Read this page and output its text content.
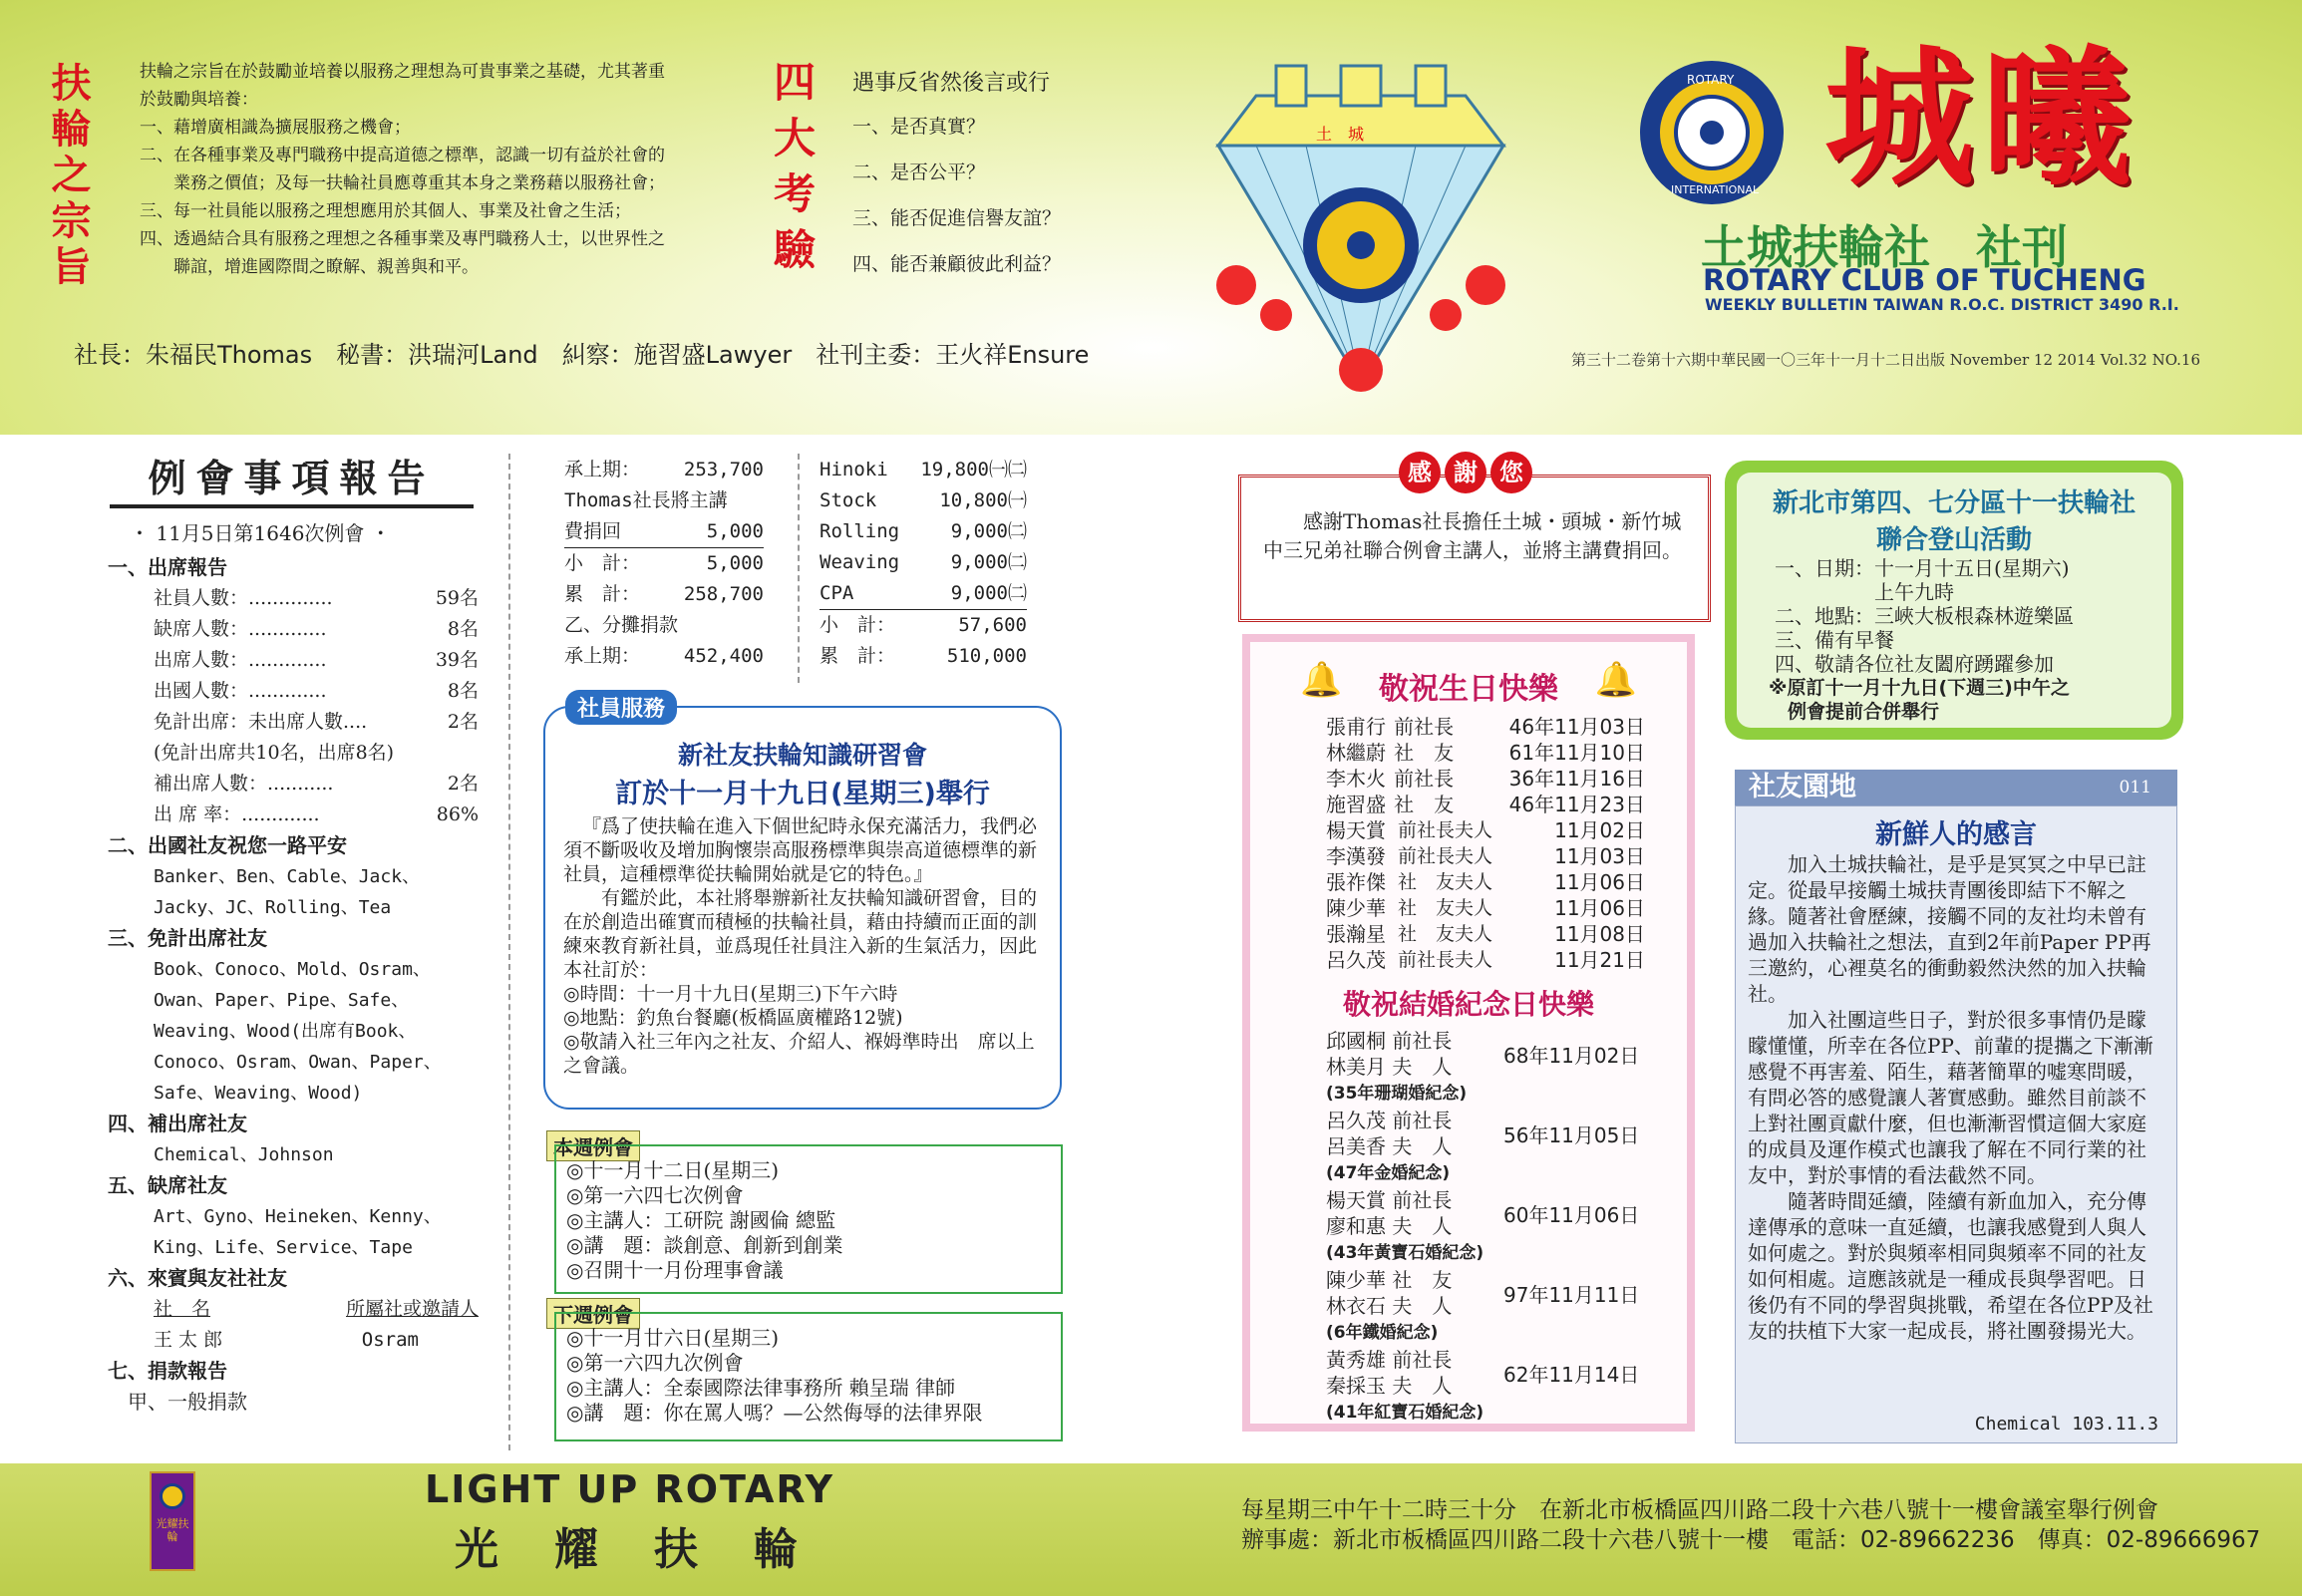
扶輪之宗旨	扶輪之宗旨在於鼓勵並培養以服務之理想為可貴事業之基礎，尤其著重
於鼓勵與培養：
一、藉增廣相識為擴展服務之機會；
二、在各種事業及專門職務中提高道德之標準，認識一切有益於社會的
　　業務之價值；及每一扶輪社員應尊重其本身之業務藉以服務社會；
三、每一社員能以服務之理想應用於其個人、事業及社會之生活；
四、透過結合具有服務之理想之各種事業及專門職務人士，以世界性之
　　聯誼，增進國際間之瞭解、親善與和平。	四大考驗 遇事反省然後言或行
一、是否真實？
二、是否公平？
三、能否促進信譽友誼？
四、能否兼顧彼此利益？
社長：朱福民Thomas　秘書：洪瑞河Land　糾察：施習盛Lawyer　社刊主委：王火祥Ensure
土　城
ROTARY
INTERNATIONAL 城曦
土城扶輪社　社刊
ROTARY CLUB OF TUCHENG
WEEKLY BULLETIN TAIWAN R.O.C. DISTRICT 3490 R.I.
第三十二卷第十六期中華民國一〇三年十一月十二日出版 November 12 2014 Vol.32 NO.16
例會事項報告
・ 11月5日第1646次例會 ・
一、出席報告
社員人數：..............	59名
缺席人數：.............	8名
出席人數：.............	39名
出國人數：.............	8名
免計出席：未出席人數....	2名
(免計出席共10名，出席8名)
補出席人數：...........	2名
出 席 率：.............	86%
二、出國社友祝您一路平安
Banker、Ben、Cable、Jack、
Jacky、JC、Rolling、Tea
三、免計出席社友
Book、Conoco、Mold、Osram、
Owan、Paper、Pipe、Safe、
Weaving、Wood(出席有Book、
Conoco、Osram、Owan、Paper、
Safe、Weaving、Wood)
四、補出席社友
Chemical、Johnson
五、缺席社友
Art、Gyno、Heineken、Kenny、
King、Life、Service、Tape
六、來賓與友社社友
社　名	所屬社或邀請人
王 太 郎	Osram
七、捐款報告
甲、一般捐款
承上期： 253,700
Thomas社長將主講
費捐回	5,000
小　計：	5,000
累　計： 258,700
乙、分攤捐款
承上期： 452,400
Hinoki 19,800㈠㈡
Stock	10,800㈠
Rolling	9,000㈡
Weaving	9,000㈡
CPA	9,000㈡
小　計：	57,600
累　計：	510,000
社員服務
新社友扶輪知識研習會
訂於十一月十九日(星期三)舉行
『爲了使扶輪在進入下個世紀時永保充滿活力，我們必須不斷吸收及增加胸懷崇高服務標準與崇高道德標準的新社員，這種標準從扶輪開始就是它的特色。』
有鑑於此，本社將舉辦新社友扶輪知識研習會，目的在於創造出確實而積極的扶輪社員，藉由持續而正面的訓練來教育新社員，並爲現任社員注入新的生氣活力，因此本社訂於：
◎時間：十一月十九日(星期三)下午六時
◎地點：釣魚台餐廳(板橋區廣權路12號)
◎敬請入社三年內之社友、介紹人、褓姆準時出　席以上之會議。
本週例會
◎十一月十二日(星期三)
◎第一六四七次例會
◎主講人：工研院 謝國倫 總監
◎講　題：談創意、創新到創業
◎召開十一月份理事會議
下週例會
◎十一月廿六日(星期三)
◎第一六四九次例會
◎主講人：全泰國際法律事務所 賴呈瑞 律師
◎講　題：你在罵人嗎？—公然侮辱的法律界限
感 謝 您
感謝Thomas社長擔任土城・頭城・新竹城中三兄弟社聯合例會主講人，並將主講費捐回。
敬祝生日快樂
🔔	🔔
張甫行 前社長	46年11月03日
林繼蔚 社　友	61年11月10日
李木火 前社長	36年11月16日
施習盛 社　友	46年11月23日
楊天賞 前社長夫人	11月02日
李漢發 前社長夫人	11月03日
張祚傑 社　友夫人	11月06日
陳少華 社　友夫人	11月06日
張瀚星 社　友夫人	11月08日
呂久茂 前社長夫人	11月21日
敬祝結婚紀念日快樂
邱國桐 前社長
林美月 夫　人	68年11月02日
(35年珊瑚婚紀念)
呂久茂 前社長
呂美香 夫　人	56年11月05日
(47年金婚紀念)
楊天賞 前社長
廖和惠 夫　人	60年11月06日
(43年黃寶石婚紀念)
陳少華 社　友
林衣石 夫　人	97年11月11日
(6年鐵婚紀念)
黃秀雄 前社長
秦採玉 夫　人	62年11月14日
(41年紅寶石婚紀念)
新北市第四、七分區十一扶輪社
聯合登山活動
一、日期：十一月十五日(星期六)
　　　　　上午九時
二、地點：三峽大板根森林遊樂區
三、備有早餐
四、敬請各位社友闔府踴躍參加
※原訂十一月十九日(下週三)中午之
　例會提前合併舉行
社友園地	011
新鮮人的感言
加入土城扶輪社，是乎是冥冥之中早已註定。從最早接觸土城扶青團後即結下不解之緣。隨著社會歷練，接觸不同的友社均未曾有過加入扶輪社之想法，直到2年前Paper PP再三邀約，心裡莫名的衝動毅然決然的加入扶輪社。
加入社團這些日子，對於很多事情仍是矇矇懂懂，所幸在各位PP、前輩的提攜之下漸漸感覺不再害羞、陌生，藉著簡單的嘘寒問暖，有問必答的感覺讓人著實感動。雖然目前談不上對社團貢獻什麼，但也漸漸習慣這個大家庭的成員及運作模式也讓我了解在不同行業的社友中，對於事情的看法截然不同。
隨著時間延續，陸續有新血加入，充分傳達傳承的意味一直延續，也讓我感覺到人與人如何處之。對於與頻率相同與頻率不同的社友如何相處。這應該就是一種成長與學習吧。日後仍有不同的學習與挑戰，希望在各位PP及社友的扶植下大家一起成長，將社團發揚光大。
Chemical 103.11.3
光耀扶輪
LIGHT UP ROTARY
光　耀　扶　輪
每星期三中午十二時三十分　在新北市板橋區四川路二段十六巷八號十一樓會議室舉行例會
辦事處：新北市板橋區四川路二段十六巷八號十一樓　電話：02-89662236　傳真：02-89666967
